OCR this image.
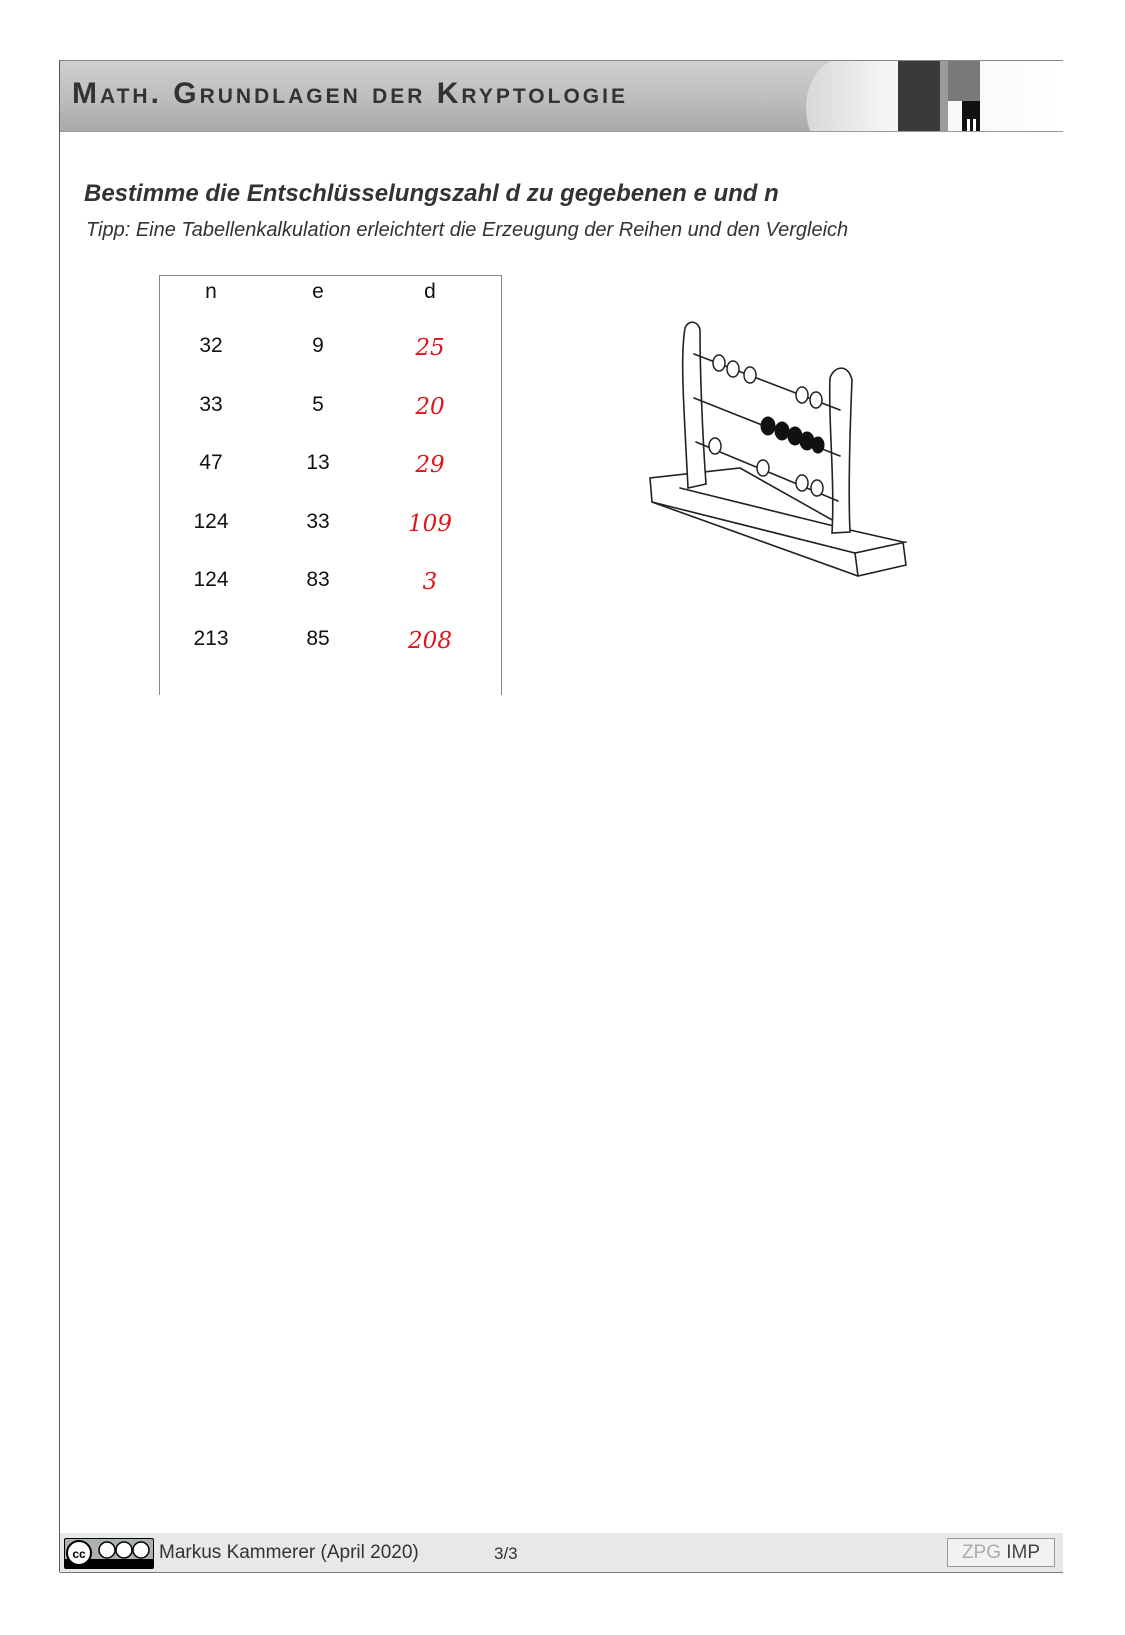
Math. Grundlagen der Kryptologie
Bestimme die Entschlüsselungszahl d zu gegebenen e und n

Tipp: Eine Tabellenkalkulation erleichtert die Erzeugung der Reihen und den Vergleich

n	e	d
32	9	25
33	5	20
47	13	29
124	33	109
124	83	3
213	85	208
cc	Markus Kammerer (April 2020)	3/3	ZPG IMP
